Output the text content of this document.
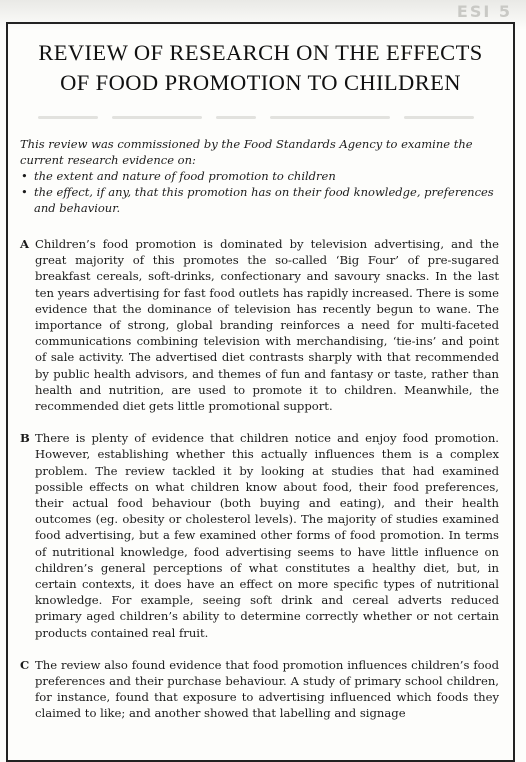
ESI 5
REVIEW OF RESEARCH ON THE EFFECTS
OF FOOD PROMOTION TO CHILDREN

This review was commissioned by the Food Standards Agency to examine the current research evidence on:

• the extent and nature of food promotion to children
• the effect, if any, that this promotion has on their food knowledge, preferences and behaviour.
A Children’s food promotion is dominated by television advertising, and the great majority of this promotes the so-called ‘Big Four’ of pre-sugared breakfast cereals, soft-drinks, confectionary and savoury snacks. In the last ten years advertising for fast food outlets has rapidly increased. There is some evidence that the dominance of television has recently begun to wane. The importance of strong, global branding reinforces a need for multi-faceted communications combining television with merchandising, ‘tie-ins’ and point of sale activity. The advertised diet contrasts sharply with that recommended by public health advisors, and themes of fun and fantasy or taste, rather than health and nutrition, are used to promote it to children. Meanwhile, the recommended diet gets little promotional support.
B There is plenty of evidence that children notice and enjoy food promotion. However, establishing whether this actually influences them is a complex problem. The review tackled it by looking at studies that had examined possible effects on what children know about food, their food preferences, their actual food behaviour (both buying and eating), and their health outcomes (eg. obesity or cholesterol levels). The majority of studies examined food advertising, but a few examined other forms of food promotion. In terms of nutritional knowledge, food advertising seems to have little influence on children’s general perceptions of what constitutes a healthy diet, but, in certain contexts, it does have an effect on more specific types of nutritional knowledge. For example, seeing soft drink and cereal adverts reduced primary aged children’s ability to determine correctly whether or not certain products contained real fruit.
C The review also found evidence that food promotion influences children’s food preferences and their purchase behaviour. A study of primary school children, for instance, found that exposure to advertising influenced which foods they claimed to like; and another showed that labelling and signage
